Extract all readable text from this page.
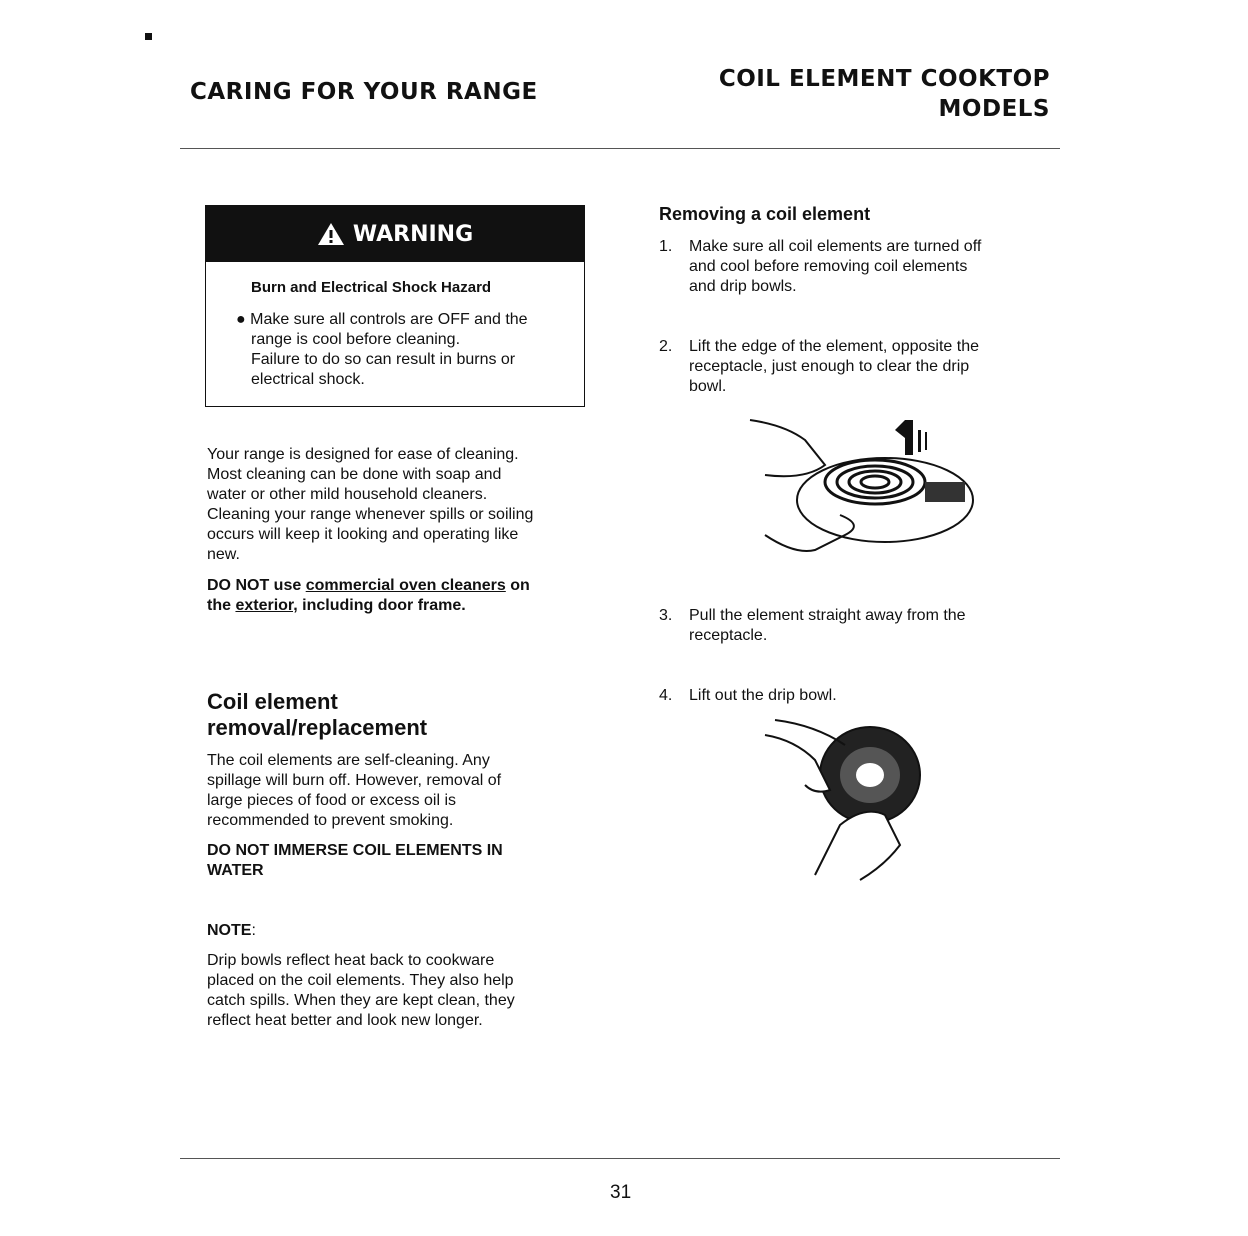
CARING FOR YOUR RANGE	COIL ELEMENT COOKTOP
MODELS
WARNING
Burn and Electrical Shock Hazard
● Make sure all controls are OFF and the
range is cool before cleaning.
Failure to do so can result in burns or
electrical shock.
Your range is designed for ease of cleaning.
Most cleaning can be done with soap and
water or other mild household cleaners.
Cleaning your range whenever spills or soiling
occurs will keep it looking and operating like
new.
DO NOT use commercial oven cleaners on
the exterior, including door frame.
Coil element
removal/replacement
The coil elements are self-cleaning. Any
spillage will burn off. However, removal of
large pieces of food or excess oil is
recommended to prevent smoking.
DO NOT IMMERSE COIL ELEMENTS IN
WATER
NOTE:
Drip bowls reflect heat back to cookware
placed on the coil elements. They also help
catch spills. When they are kept clean, they
reflect heat better and look new longer.
Removing a coil element
1. Make sure all coil elements are turned off
and cool before removing coil elements
and drip bowls.
2. Lift the edge of the element, opposite the
receptacle, just enough to clear the drip
bowl.
3. Pull the element straight away from the
receptacle.
4. Lift out the drip bowl.
31
